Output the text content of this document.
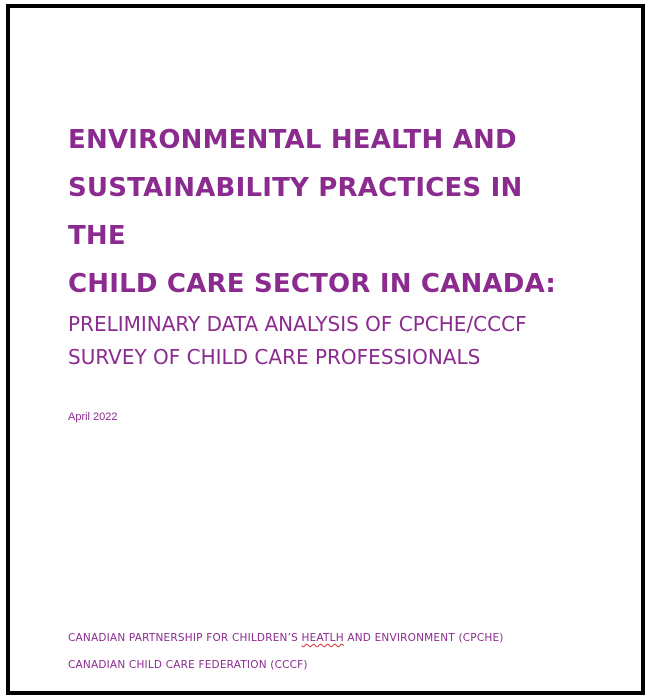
ENVIRONMENTAL HEALTH AND
SUSTAINABILITY PRACTICES IN
THE
CHILD CARE SECTOR IN CANADA:
PRELIMINARY DATA ANALYSIS OF CPCHE/CCCF
SURVEY OF CHILD CARE PROFESSIONALS
April 2022
CANADIAN PARTNERSHIP FOR CHILDREN’S HEATLH AND ENVIRONMENT (CPCHE)
CANADIAN CHILD CARE FEDERATION (CCCF)
